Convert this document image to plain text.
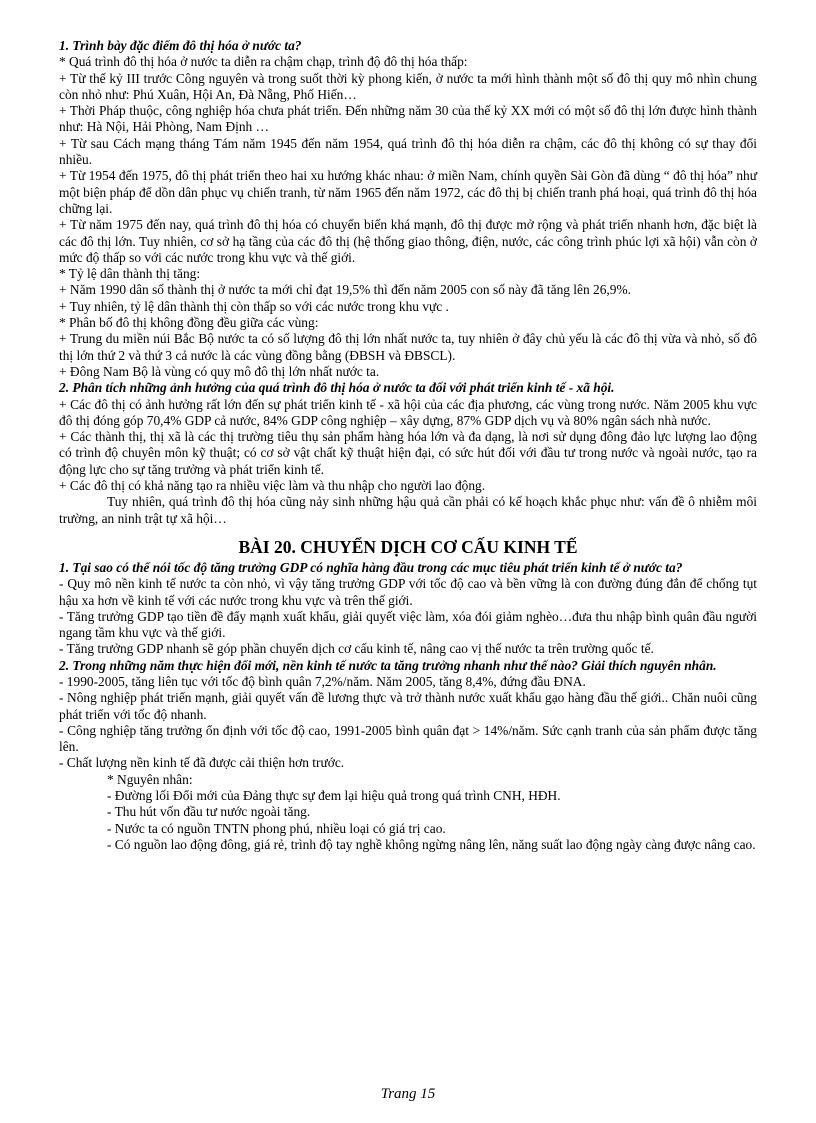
1. Trình bày đặc điểm đô thị hóa ở nước ta?

* Quá trình đô thị hóa ở nước ta diễn ra chậm chạp, trình độ đô thị hóa thấp:

+ Từ thế kỷ III trước Công nguyên và trong suốt thời kỳ phong kiến, ở nước ta mới hình thành một số đô thị quy mô nhìn chung còn nhỏ như: Phú Xuân, Hội An, Đà Nẵng, Phố Hiến…

+ Thời Pháp thuộc, công nghiệp hóa chưa phát triển. Đến những năm 30 của thế kỷ XX mới có một số đô thị lớn được hình thành như: Hà Nội, Hải Phòng, Nam Định …

+ Từ sau Cách mạng tháng Tám năm 1945 đến năm 1954, quá trình đô thị hóa diễn ra chậm, các đô thị không có sự thay đổi nhiều.

+ Từ 1954 đến 1975, đô thị phát triển theo hai xu hướng khác nhau: ở miền Nam, chính quyền Sài Gòn đã dùng “ đô thị hóa” như một biện pháp để dồn dân phục vụ chiến tranh, từ năm 1965 đến năm 1972, các đô thị bị chiến tranh phá hoại, quá trình đô thị hóa chững lại.

+ Từ năm 1975 đến nay, quá trình đô thị hóa có chuyển biến khá mạnh, đô thị được mở rộng và phát triển nhanh hơn, đặc biệt là các đô thị lớn. Tuy nhiên, cơ sở hạ tầng của các đô thị (hệ thống giao thông, điện, nước, các công trình phúc lợi xã hội) vẫn còn ở mức độ thấp so với các nước trong khu vực và thế giới.

* Tỷ lệ dân thành thị tăng:

+ Năm 1990 dân số thành thị ở nước ta mới chỉ đạt 19,5% thì đến năm 2005 con số này đã tăng lên 26,9%.

+ Tuy nhiên, tỷ lệ dân thành thị còn thấp so với các nước trong khu vực .

* Phân bố đô thị không đồng đều giữa các vùng:

+ Trung du miền núi Bắc Bộ nước ta có số lượng đô thị lớn nhất nước ta, tuy nhiên ở đây chủ yếu là các đô thị vừa và nhỏ, số đô thị lớn thứ 2 và thứ 3 cả nước là các vùng đồng bằng (ĐBSH và ĐBSCL).

+ Đông Nam Bộ là vùng có quy mô đô thị lớn nhất nước ta.

2. Phân tích những ảnh hưởng của quá trình đô thị hóa ở nước ta đối với phát triển kinh tế - xã hội.

+ Các đô thị có ảnh hưởng rất lớn đến sự phát triển kinh tế - xã hội của các địa phương, các vùng trong nước. Năm 2005 khu vực đô thị đóng góp 70,4% GDP cả nước, 84% GDP công nghiệp – xây dựng, 87% GDP dịch vụ và 80% ngân sách nhà nước.

+ Các thành thị, thị xã là các thị trường tiêu thụ sản phẩm hàng hóa lớn và đa dạng, là nơi sử dụng đông đảo lực lượng lao động có trình độ chuyên môn kỹ thuật; có cơ sở vật chất kỹ thuật hiện đại, có sức hút đối với đầu tư trong nước và ngoài nước, tạo ra động lực cho sự tăng trưởng và phát triển kinh tế.

+ Các đô thị có khả năng tạo ra nhiều việc làm và thu nhập cho người lao động.

Tuy nhiên, quá trình đô thị hóa cũng nảy sinh những hậu quả cần phải có kế hoạch khắc phục như: vấn đề ô nhiễm môi trường, an ninh trật tự xã hội…

BÀI 20. CHUYỂN DỊCH CƠ CẤU KINH TẾ

1. Tại sao có thể nói tốc độ tăng trưởng GDP có nghĩa hàng đầu trong các mục tiêu phát triển kinh tế ở nước ta?

- Quy mô nền kinh tế nước ta còn nhỏ, vì vậy tăng trưởng GDP với tốc độ cao và bền vững là con đường đúng đắn để chống tụt hậu xa hơn về kinh tế với các nước trong khu vực và trên thế giới.

- Tăng trưởng GDP tạo tiền đề đẩy mạnh xuất khẩu, giải quyết việc làm, xóa đói giảm nghèo…đưa thu nhập bình quân đầu người ngang tầm khu vực và thế giới.

- Tăng trưởng GDP nhanh sẽ góp phần chuyển dịch cơ cấu kinh tế, nâng cao vị thế nước ta trên trường quốc tế.

2. Trong những năm thực hiện đổi mới, nền kinh tế nước ta tăng trưởng nhanh như thế nào? Giải thích nguyên nhân.

- 1990-2005, tăng liên tục với tốc độ bình quân 7,2%/năm. Năm 2005, tăng 8,4%, đứng đầu ĐNA.

- Nông nghiệp phát triển mạnh, giải quyết vấn đề lương thực và trở thành nước xuất khẩu gạo hàng đầu thế giới.. Chăn nuôi cũng phát triển với tốc độ nhanh.

- Công nghiệp tăng trưởng ổn định với tốc độ cao, 1991-2005 bình quân đạt > 14%/năm. Sức cạnh tranh của sản phẩm được tăng lên.

- Chất lượng nền kinh tế đã được cải thiện hơn trước.

* Nguyên nhân:

- Đường lối Đổi mới của Đảng thực sự đem lại hiệu quả trong quá trình CNH, HĐH.

- Thu hút vốn đầu tư nước ngoài tăng.

- Nước ta có nguồn TNTN phong phú, nhiều loại có giá trị cao.

- Có nguồn lao động đông, giá rẻ, trình độ tay nghề không ngừng nâng lên, năng suất lao động ngày càng được nâng cao.

Trang 15
